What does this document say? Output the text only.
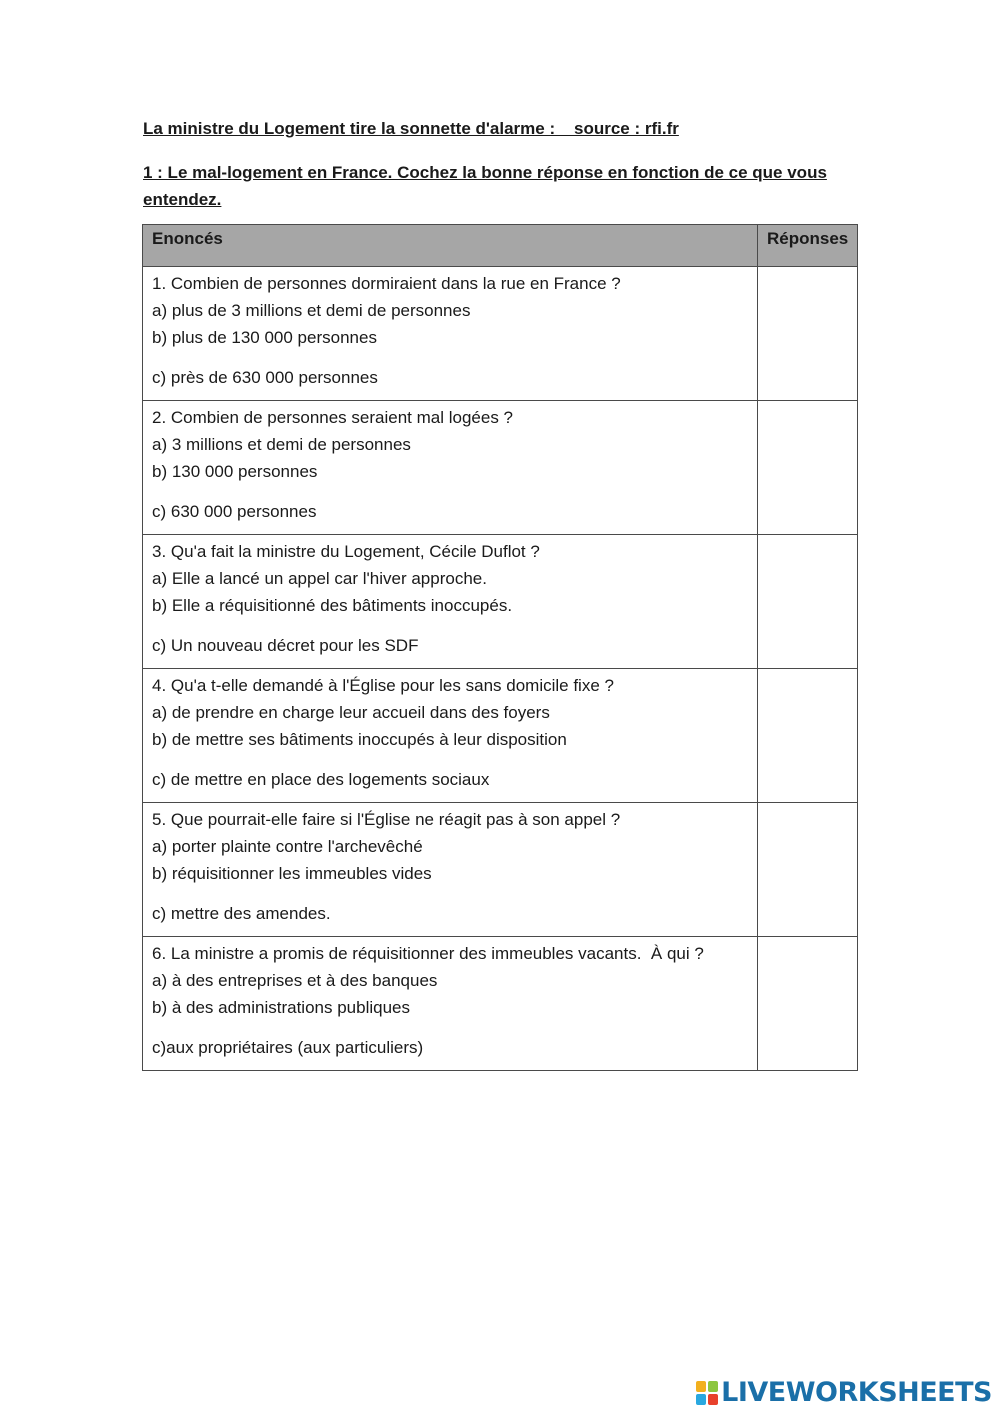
La ministre du Logement tire la sonnette d'alarme :    source : rfi.fr

1 : Le mal-logement en France. Cochez la bonne réponse en fonction de ce que vous entendez.

Enoncés	Réponses

1. Combien de personnes dormiraient dans la rue en France ?
a) plus de 3 millions et demi de personnes
b) plus de 130 000 personnes
c) près de 630 000 personnes	

2. Combien de personnes seraient mal logées ?
a) 3 millions et demi de personnes
b) 130 000 personnes
c) 630 000 personnes	

3. Qu'a fait la ministre du Logement, Cécile Duflot ?
a) Elle a lancé un appel car l'hiver approche.
b) Elle a réquisitionné des bâtiments inoccupés.
c) Un nouveau décret pour les SDF	

4. Qu'a t-elle demandé à l'Église pour les sans domicile fixe ?
a) de prendre en charge leur accueil dans des foyers
b) de mettre ses bâtiments inoccupés à leur disposition
c) de mettre en place des logements sociaux	

5. Que pourrait-elle faire si l'Église ne réagit pas à son appel ?
a) porter plainte contre l'archevêché
b) réquisitionner les immeubles vides
c) mettre des amendes.	

6. La ministre a promis de réquisitionner des immeubles vacants.  À qui ?
a) à des entreprises et à des banques
b) à des administrations publiques
c)aux propriétaires (aux particuliers)	

LIVEWORKSHEETS
